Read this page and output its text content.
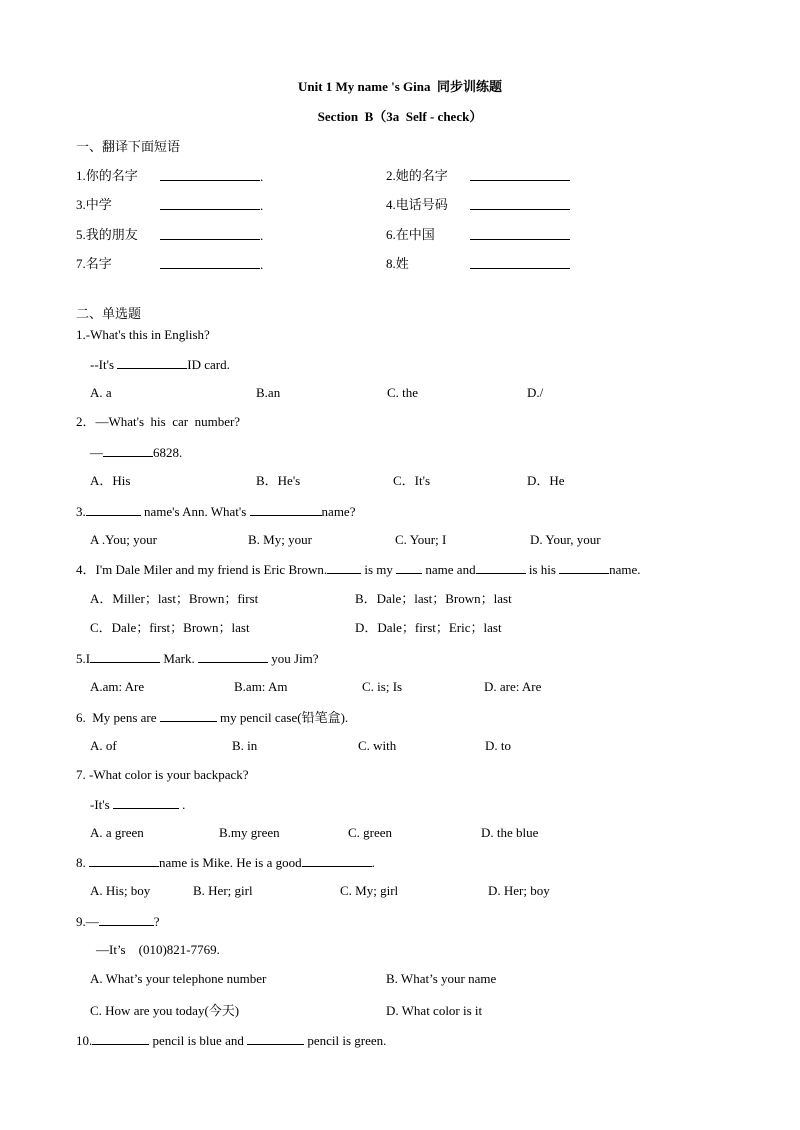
Unit 1 My name 's Gina  同步训练题
Section  B（3a  Self - check）
一、翻译下面短语
1.你的名字	.	2.她的名字
3.中学	.	4.电话号码
5.我的朋友	.	6.在中国
7.名字	.	8.姓
二、单选题
1.-What's this in English?
--It's	ID card.
A. a	B.an	C. the	D./
2．—What's  his  car  number?
—	6828.
A．His	B．He's	C．It's	D．He
3.	name's Ann. What's	name?
A .You; your	B. My; your	C. Your; I	D. Your, your
4．I'm Dale Miler and my friend is Eric Brown.	is my  name and	is his	name.
A．Miller；last；Brown；first	B．Dale；last；Brown；last
C．Dale；first；Brown；last	D．Dale；first；Eric；last
5.I	Mark.	you Jim?
A.am: Are	B.am: Am	C. is; Is	D. are: Are
6.  My pens are	my pencil case(铅笔盒).
A. of	B. in	C. with	D. to
7. -What color is your backpack?
-It's	.
A. a green	B.my green	C. green	D. the blue
8.	name is Mike. He is a good	.
A. His; boy	B. Her; girl	C. My; girl	D. Her; boy
9.—	?
—It’s    (010)821-7769.
A. What’s your telephone number	B. What’s your name
C. How are you today(今天)	D. What color is it
10.	pencil is blue and	pencil is green.
